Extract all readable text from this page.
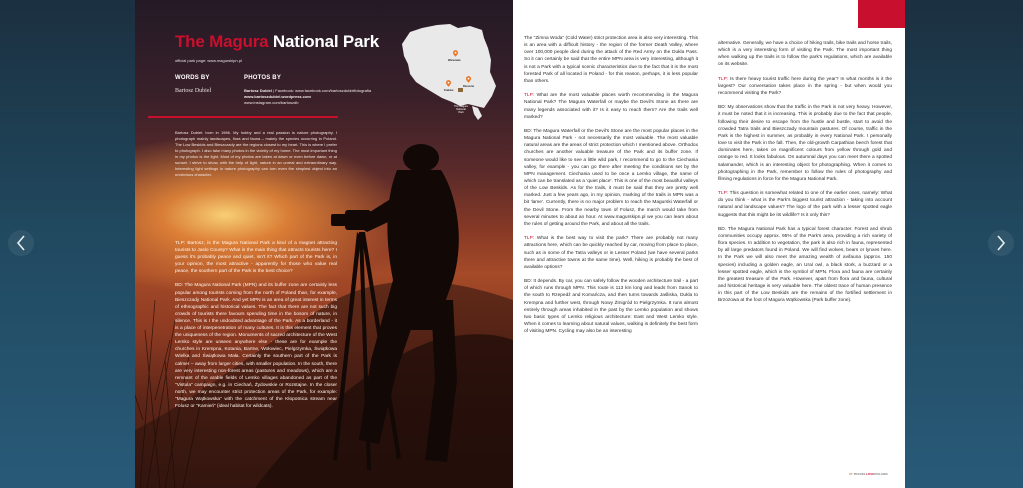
The Magura National Park
official park page: www.magurskipn.pl
WORDS BY	PHOTOS BY
Bartosz Dubiel	Bartosz Dubiel | Facebook: www.facebook.com/bartoszdubielfotografia
www.bartoszdubiel.wordpress.com
www.instagram.com/bartoszdb
Bartosz Dubiel: born in 1986. My hobby and a real passion is nature photography. I photograph mainly landscapes, flora and fauna – mainly the species occurring in Poland. The Low Beskids and Bieszczady are the regions closest to my heart. This is where I prefer to photograph. I also take many photos in the vicinity of my home. The most important thing in my photos is the light. Most of my photos are taken at dawn or even before dawn, or at sunset. I strive to show, with the help of light, nature in an unreal and extraordinary way. Interesting light settings in nature photography can turn even the simplest object into an unobvious character.

TLP: Bartosz, is the Magura National Park a kind of a magnet attracting tourists to Jasło County? What is the main thing that attracts tourists here? I guess it's probably peace and quiet, isn't it? Which part of the Park is, in your opinion, the most attractive - apparently for those who value real peace, the southern part of the Park is the best choice?

BD: The Magura National Park (MPN) and its buffer zone are certainly less popular among tourists coming from the north of Poland than, for example, Bieszczady National Park. And yet MPN is an area of great interest in terms of ethnographic and historical values. The fact that there are not such big crowds of tourists there favours spending time in the bosom of nature, in silence. This is I the undoubted advantage of the Park. As a borderland - it is a place of interpenetration of many cultures. It is this element that proves the uniqueness of the region. Monuments of sacred architecture of the West Lemko style are unseen anywhere else - these are for example the churches in Krempna, Kotania, Bartne, Wołowiec, Pielgrzymka, Świątkowa Wielka and Świątkowa Mała. Certainly the southern part of the Park is calmer – away from larger cities, with smaller population. In the south, there are very interesting non-forest areas (pastures and meadows), which are a remnant of the arable fields of Lemko villages abandoned as part of the "Vistula" campaign, e.g. in Ciechań, Żydowskie or Rozstajne. In the closer north, we may encounter strict protection areas of the Park, for example: "Magura Wątkowska" with the catchment of the Kłopotnica stream near Folusz or "Kamień" (ideal habitat for wildcats).

Warszawa
Kraków
Rzeszów
The Magura National Park

The "Zimna Woda" (Cold Water) strict protection area is also very interesting. This is an area with a difficult history - the region of the former Death Valley, where over 100,000 people died during the attack of the Red Army on the Dukla Pass. So it can certainly be said that the entire MPN area is very interesting, although it is not a Park with a typical scenic characteristics due to the fact that it is the most forested Park of all located in Poland - for this reason, perhaps, it is less popular than others.

TLP: What are the most valuable places worth recommending in the Magura National Park? The Magura Waterfall or maybe the Devil's Stone as there are many legends associated with it? Is it easy to reach them? Are the trails well marked?

BD: The Magura Waterfall or the Devil's Stone are the most popular places in the Magura National Park - not necessarily the most valuable. The most valuable natural areas are the areas of strict protection which I mentioned above. Orthodox churches are another valuable treasure of the Park and its buffer zone. If someone would like to see a little wild park, I recommend to go to the Ciechania valley, for example - you can go there after meeting the conditions set by the MPN management. Ciechania used to be once a Lemko village, the name of which can be translated as a 'quiet place'. This is one of the most beautiful valleys of the Low Beskids. As for the trails, it must be said that they are pretty well marked. Just a few years ago, in my opinion, marking of the trails in MPN was a bit 'lame'. Currently, there is no major problem to reach the Magurski Waterfall or the Devil Stone. From the nearby town of Folusz, the march would take from several minutes to about an hour. At www.magurskipn.pl we you can learn about the rules of getting around the Park, and about all the trails.

TLP: What is the best way to visit the park? There are probably not many attractions here, which can be quickly reached by car, moving from place to place, such as in some of the Tatra valleys or in Lesser Poland (we have several parks there and attractive towns at the same time). Well, hiking is probably the best of available options?

BD: It depends. By car, you can safely follow the wooden architecture trail - a part of which runs through MPN. This route is 113 km long and leads from Sanok to the south to Rzepedź and Komańcza, and then turns towards Jaśliska, Dukla to Krempna and further west, through Nowy Żmigród to Pielgrzymka. It runs almost entirely through areas inhabited in the past by the Lemko population and shows two basic types of Lemko religious architecture: East and West Lemko style. When it comes to learning about natural values, walking is definitely the best form of visiting MPN. Cycling may also be an interesting

alternative. Generally, we have a choice of hiking trails, bike trails and horse trails, which is a very interesting form of visiting the Park. The most important thing when walking up the trails is to follow the park's regulations, which are available on its website.

TLP: Is there heavy tourist traffic here during the year? In what months is it the largest? Our conversation takes place in the spring - but when would you recommend visiting the Park?

BD: My observations show that the traffic in the Park is not very heavy. However, it must be noted that it is increasing. This is probably due to the fact that people, following their desire to escape from the hustle and bustle, start to avoid the crowded Tatra trails and Bieszczady mountain pastures. Of course, traffic in the Park is the highest in summer, as probably in every National Park. I personally love to visit the Park in the fall. Then, the old-growth Carpathian beech forest that dominates here, takes on magnificent colours from yellow through gold and orange to red. It looks fabulous. On autumnal days you can meet there a spotted salamander, which is an interesting object for photographing. When it comes to photographing in the Park, remember to follow the rules of photography and filming regulations in force for the Magura National Park.

TLP: This question is somewhat related to one of the earlier ones, namely: What do you think - what is the Park's biggest tourist attraction - taking into account natural and landscape values? The logo of the park with a lesser spotted eagle suggests that this might be its wildlife? Is it only this?

BD. The Magura National Park has a typical forest character. Forest and shrub communities occupy approx. 95% of the Park's area, providing a rich variety of flora species. In addition to vegetation, the park is also rich in fauna, represented by all large predators found in Poland. We will find wolves, bears or lynxes here. In the Park we will also meet the amazing wealth of avifauna (approx. 150 species) including a golden eagle, an Ural owl, a black stork, a buzzard or a lesser spotted eagle, which is the symbol of MPN. Flora and fauna are certainly the greatest treasure of the Park. However, apart from flora and fauna, cultural and historical heritage is very valuable here. The oldest trace of human presence in this part of the Low Beskids are the remains of the fortified settlement in Brzozowa at the foot of Magura Wątkowska (Park buffer zone).

37 TRAVELLOVEPOLAND
